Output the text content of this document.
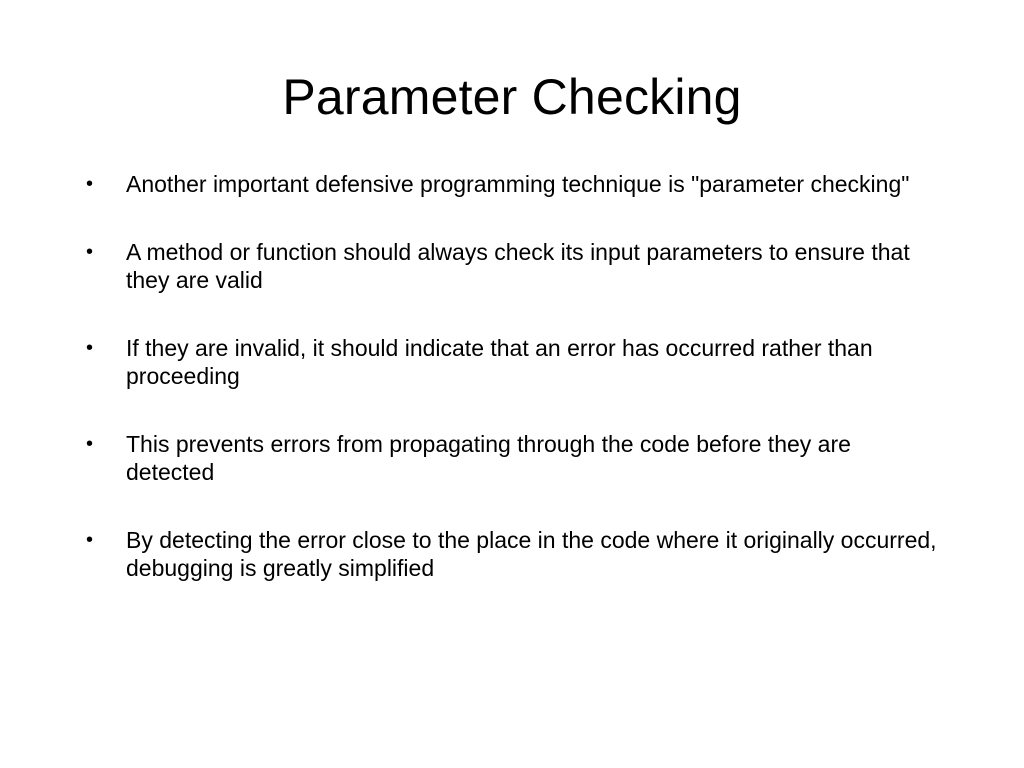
Parameter Checking
• Another important defensive programming technique is "parameter checking"
• A method or function should always check its input parameters to ensure that they are valid
• If they are invalid, it should indicate that an error has occurred rather than proceeding
• This prevents errors from propagating through the code before they are detected
• By detecting the error close to the place in the code where it originally occurred, debugging is greatly simplified
